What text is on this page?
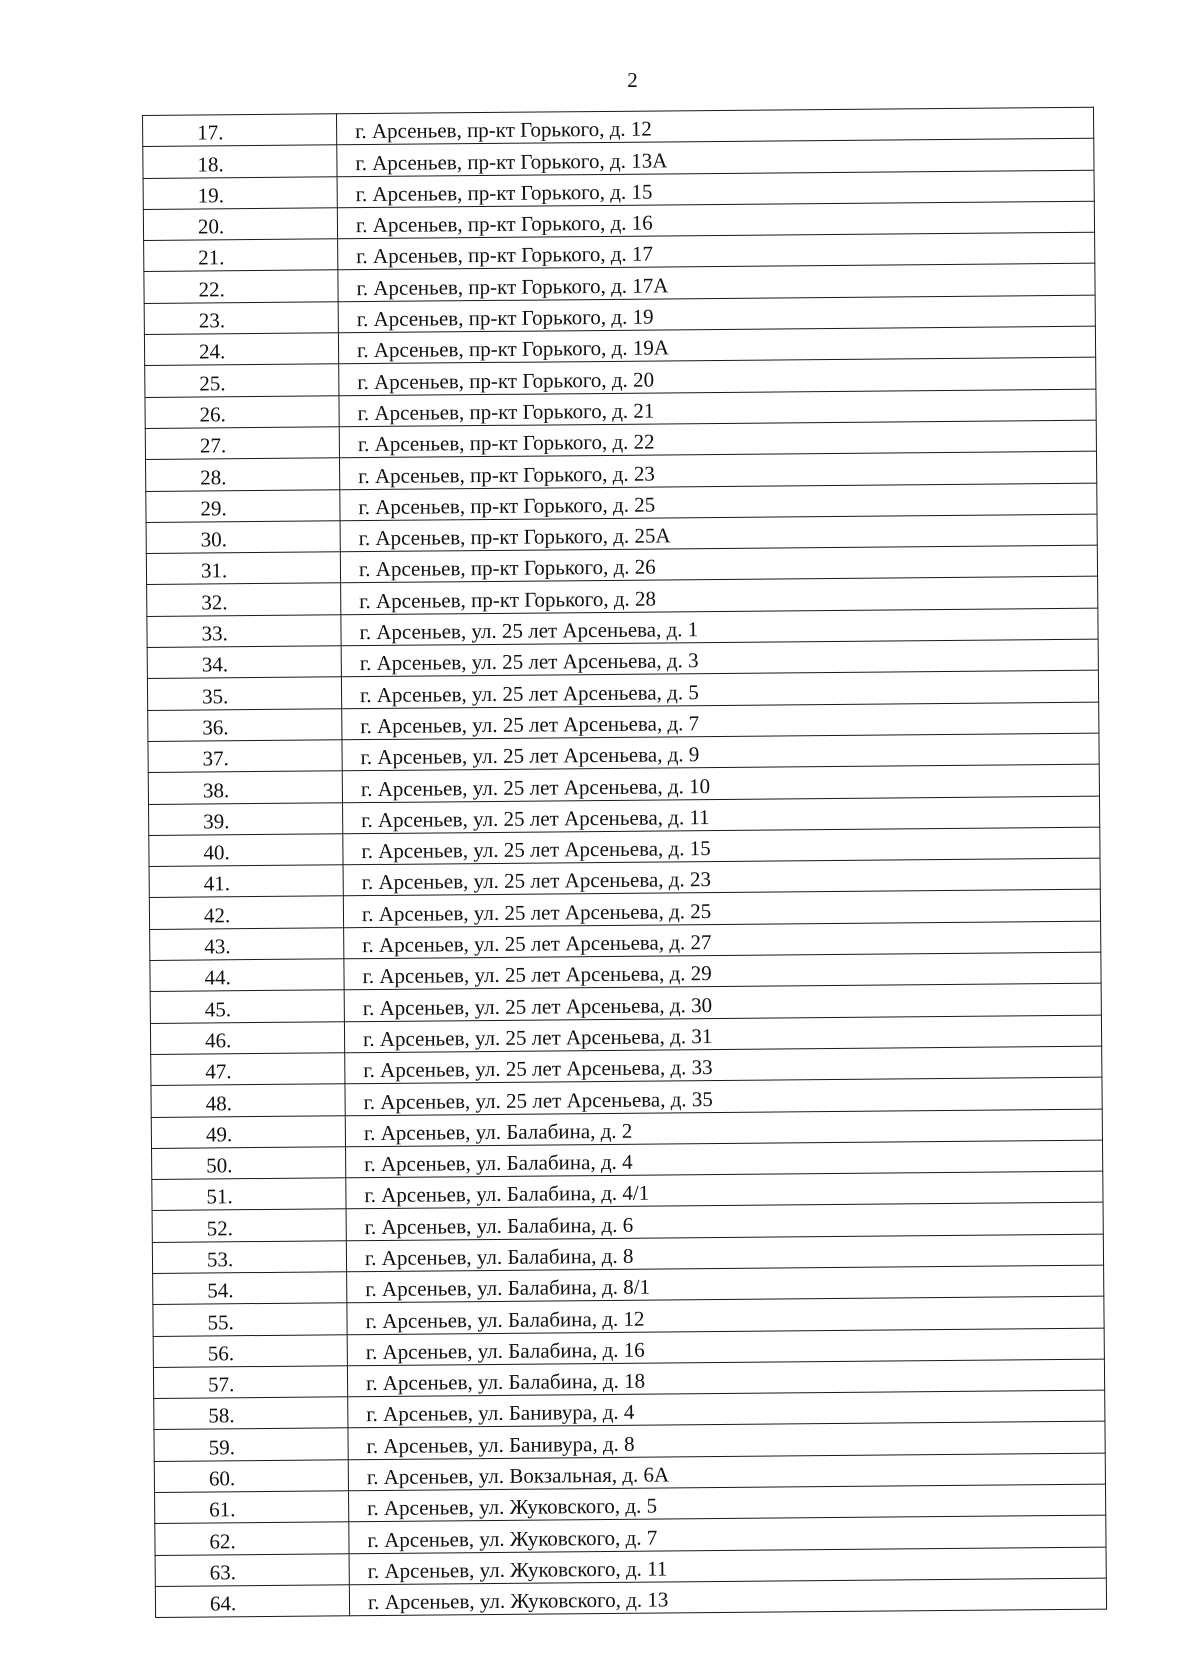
2
17.	г. Арсеньев, пр-кт Горького, д. 12
18.	г. Арсеньев, пр-кт Горького, д. 13А
19.	г. Арсеньев, пр-кт Горького, д. 15
20.	г. Арсеньев, пр-кт Горького, д. 16
21.	г. Арсеньев, пр-кт Горького, д. 17
22.	г. Арсеньев, пр-кт Горького, д. 17А
23.	г. Арсеньев, пр-кт Горького, д. 19
24.	г. Арсеньев, пр-кт Горького, д. 19А
25.	г. Арсеньев, пр-кт Горького, д. 20
26.	г. Арсеньев, пр-кт Горького, д. 21
27.	г. Арсеньев, пр-кт Горького, д. 22
28.	г. Арсеньев, пр-кт Горького, д. 23
29.	г. Арсеньев, пр-кт Горького, д. 25
30.	г. Арсеньев, пр-кт Горького, д. 25А
31.	г. Арсеньев, пр-кт Горького, д. 26
32.	г. Арсеньев, пр-кт Горького, д. 28
33.	г. Арсеньев, ул. 25 лет Арсеньева, д. 1
34.	г. Арсеньев, ул. 25 лет Арсеньева, д. 3
35.	г. Арсеньев, ул. 25 лет Арсеньева, д. 5
36.	г. Арсеньев, ул. 25 лет Арсеньева, д. 7
37.	г. Арсеньев, ул. 25 лет Арсеньева, д. 9
38.	г. Арсеньев, ул. 25 лет Арсеньева, д. 10
39.	г. Арсеньев, ул. 25 лет Арсеньева, д. 11
40.	г. Арсеньев, ул. 25 лет Арсеньева, д. 15
41.	г. Арсеньев, ул. 25 лет Арсеньева, д. 23
42.	г. Арсеньев, ул. 25 лет Арсеньева, д. 25
43.	г. Арсеньев, ул. 25 лет Арсеньева, д. 27
44.	г. Арсеньев, ул. 25 лет Арсеньева, д. 29
45.	г. Арсеньев, ул. 25 лет Арсеньева, д. 30
46.	г. Арсеньев, ул. 25 лет Арсеньева, д. 31
47.	г. Арсеньев, ул. 25 лет Арсеньева, д. 33
48.	г. Арсеньев, ул. 25 лет Арсеньева, д. 35
49.	г. Арсеньев, ул. Балабина, д. 2
50.	г. Арсеньев, ул. Балабина, д. 4
51.	г. Арсеньев, ул. Балабина, д. 4/1
52.	г. Арсеньев, ул. Балабина, д. 6
53.	г. Арсеньев, ул. Балабина, д. 8
54.	г. Арсеньев, ул. Балабина, д. 8/1
55.	г. Арсеньев, ул. Балабина, д. 12
56.	г. Арсеньев, ул. Балабина, д. 16
57.	г. Арсеньев, ул. Балабина, д. 18
58.	г. Арсеньев, ул. Банивура, д. 4
59.	г. Арсеньев, ул. Банивура, д. 8
60.	г. Арсеньев, ул. Вокзальная, д. 6А
61.	г. Арсеньев, ул. Жуковского, д. 5
62.	г. Арсеньев, ул. Жуковского, д. 7
63.	г. Арсеньев, ул. Жуковского, д. 11
64.	г. Арсеньев, ул. Жуковского, д. 13
